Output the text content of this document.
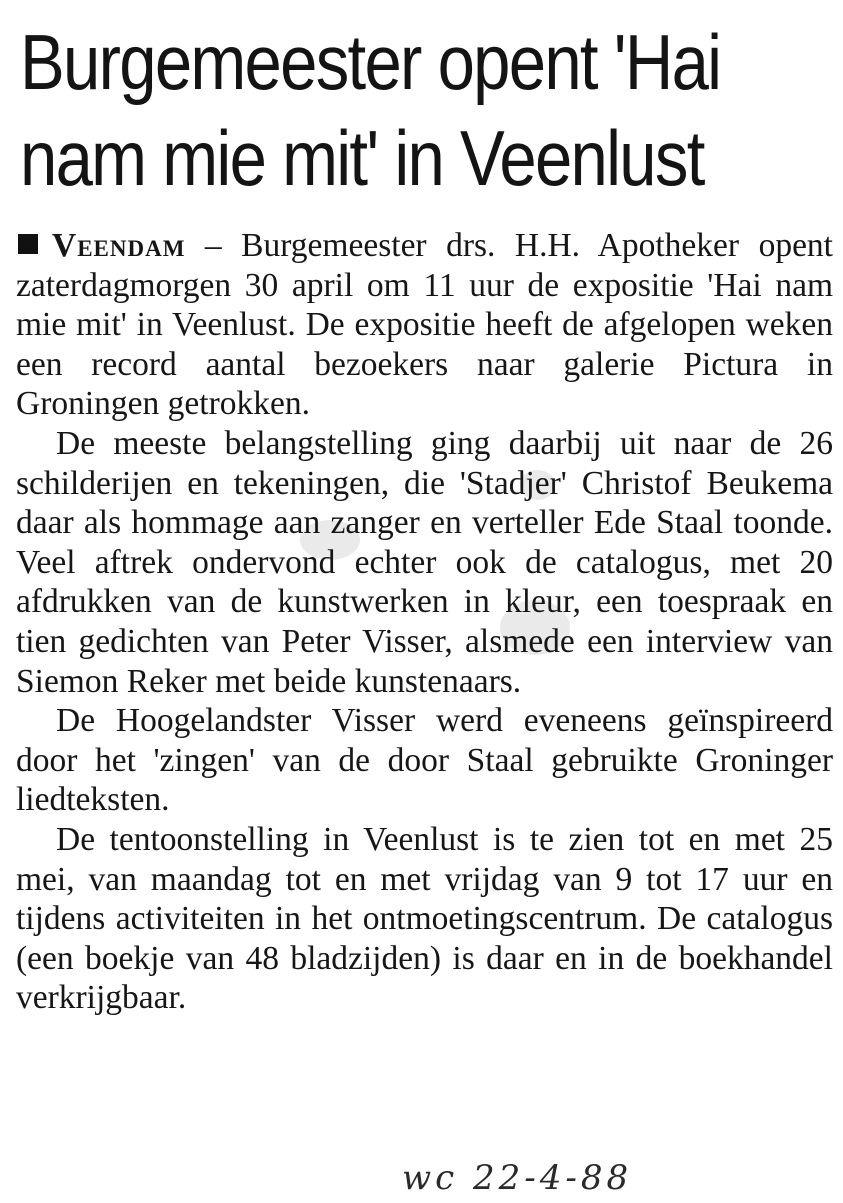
Burgemeester opent 'Hai
nam mie mit' in Veenlust

Veendam – Burgemeester drs. H.H. Apotheker opent zaterdagmorgen 30 april om 11 uur de expositie 'Hai nam mie mit' in Veenlust. De expositie heeft de afgelopen weken een record aantal bezoekers naar galerie Pictura in Groningen getrokken.

De meeste belangstelling ging daarbij uit naar de 26 schilderijen en tekeningen, die 'Stadjer' Christof Beukema daar als hommage aan zanger en verteller Ede Staal toonde. Veel aftrek ondervond echter ook de catalogus, met 20 afdrukken van de kunstwerken in kleur, een toespraak en tien gedichten van Peter Visser, alsmede een interview van Siemon Reker met beide kunstenaars.

De Hoogelandster Visser werd eveneens geïnspireerd door het 'zingen' van de door Staal gebruikte Groninger liedteksten.

De tentoonstelling in Veenlust is te zien tot en met 25 mei, van maandag tot en met vrijdag van 9 tot 17 uur en tijdens activiteiten in het ontmoetingscentrum. De catalogus (een boekje van 48 bladzijden) is daar en in de boekhandel verkrijgbaar.

wc 22-4-88
